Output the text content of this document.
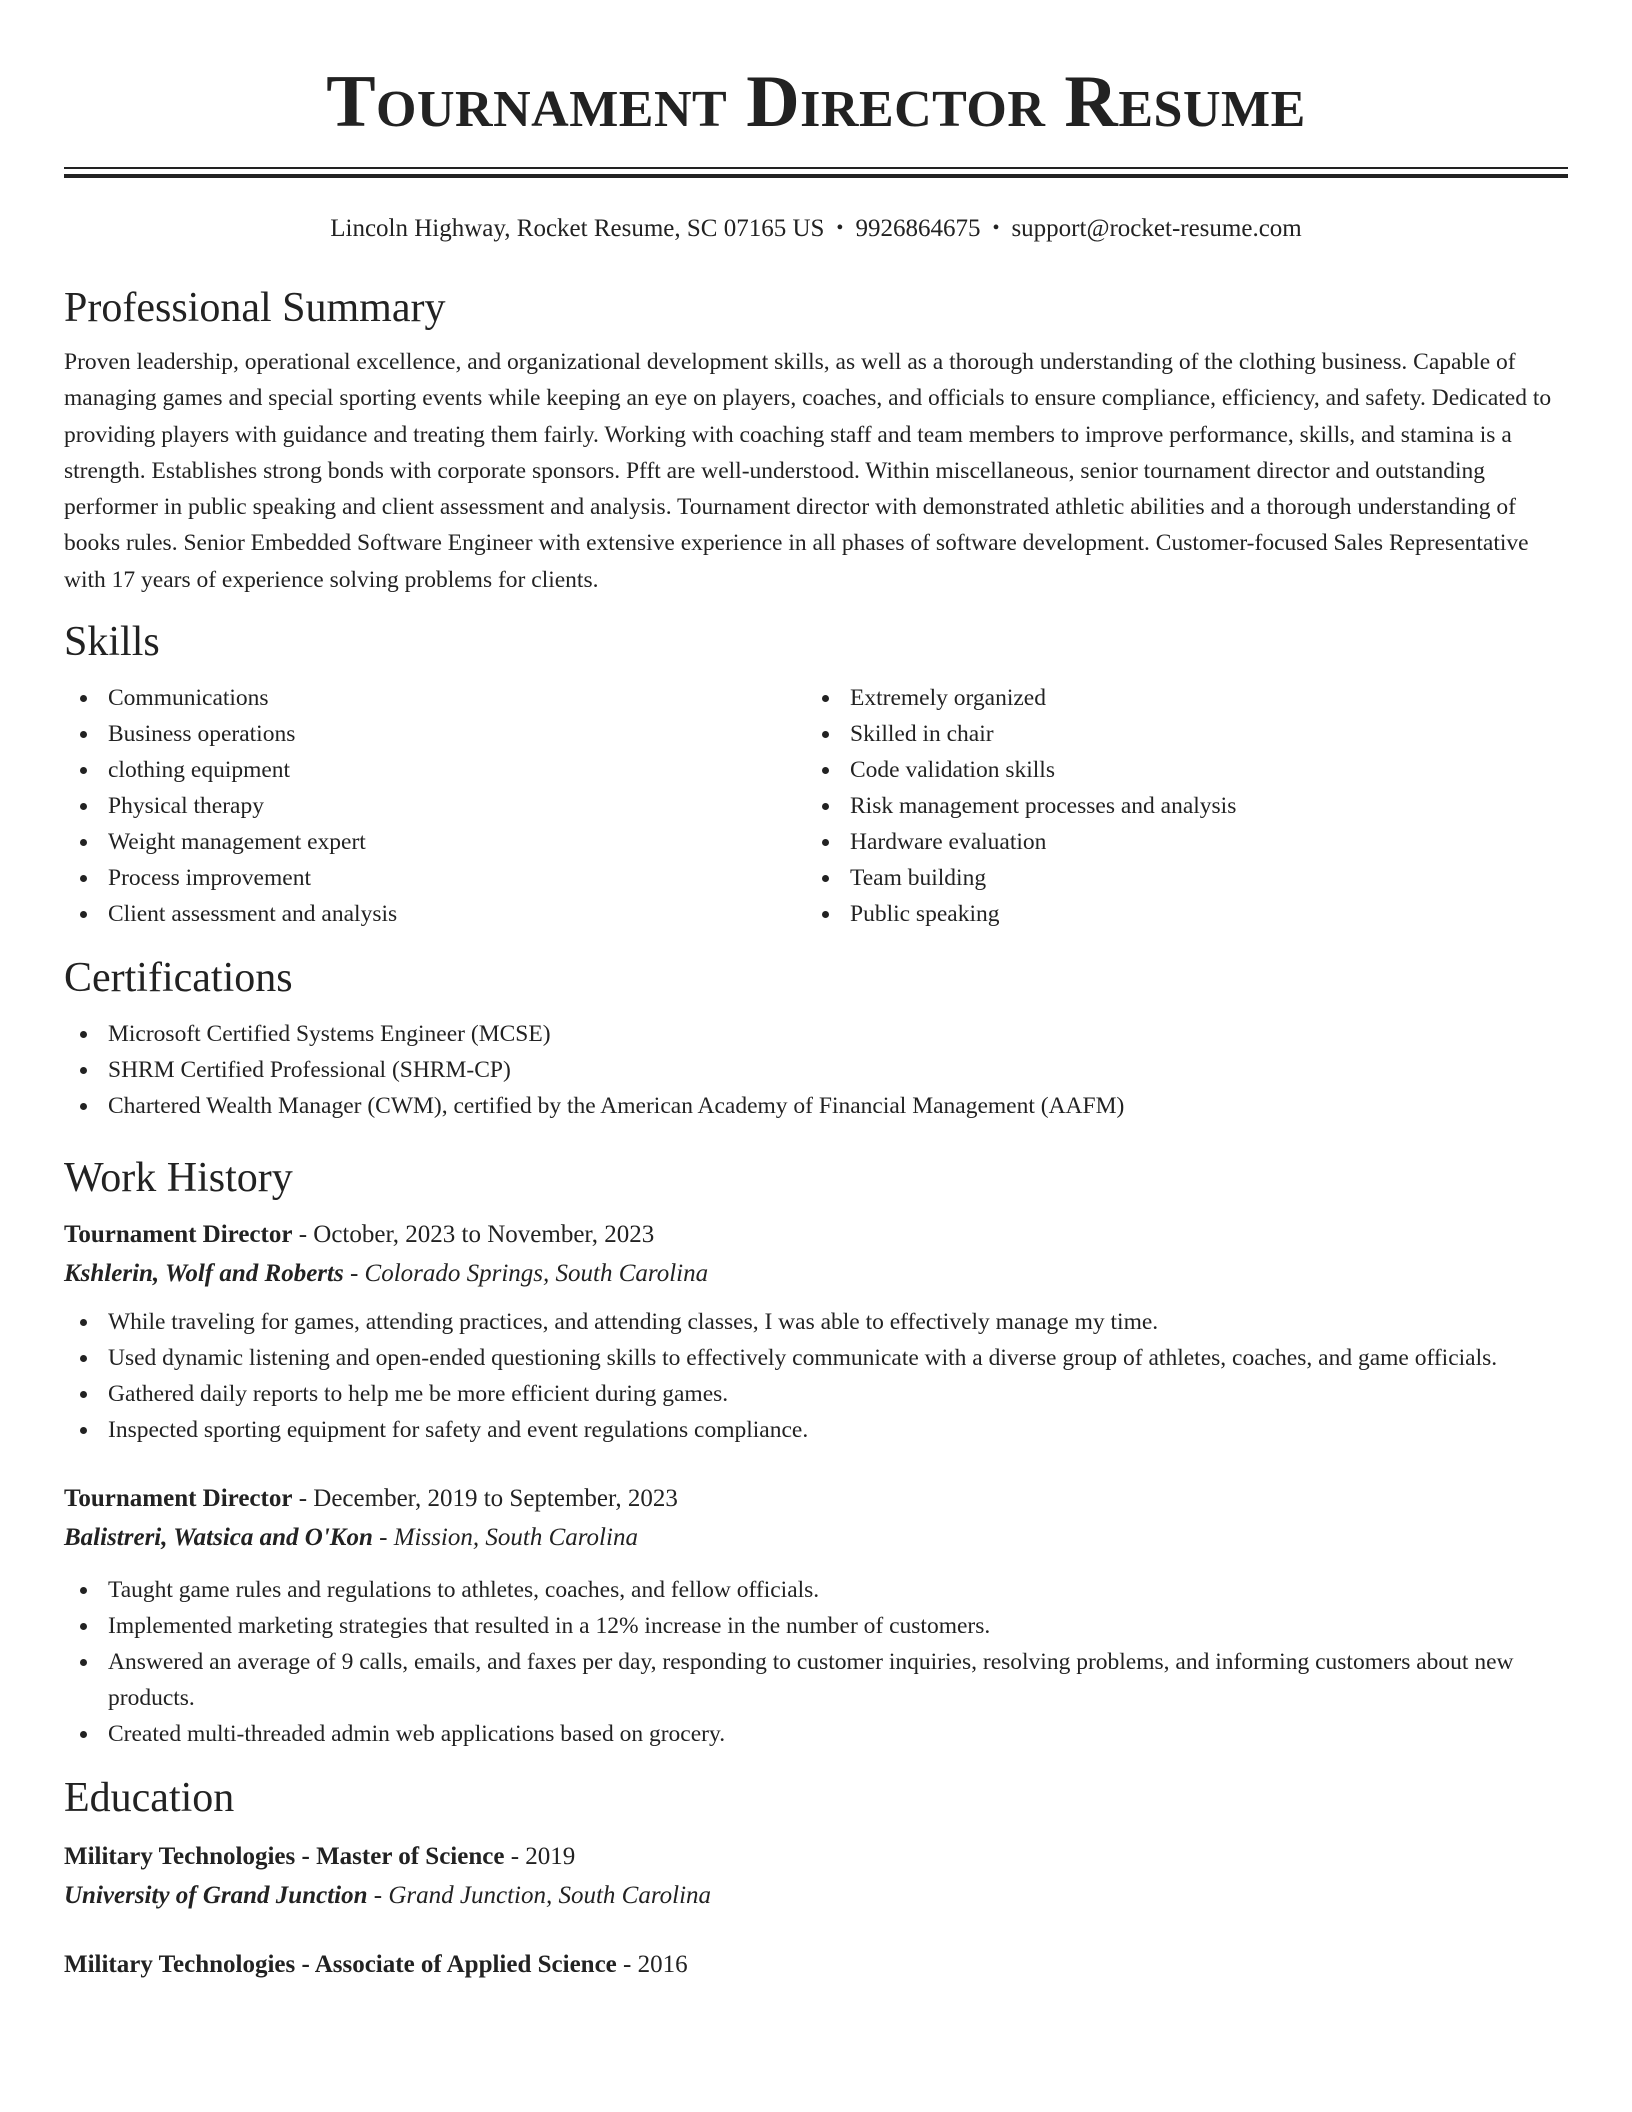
Tournament Director Resume
Lincoln Highway, Rocket Resume, SC 07165 US • 9926864675 • support@rocket-resume.com
Professional Summary

Proven leadership, operational excellence, and organizational development skills, as well as a thorough understanding of the clothing business. Capable of managing games and special sporting events while keeping an eye on players, coaches, and officials to ensure compliance, efficiency, and safety. Dedicated to providing players with guidance and treating them fairly. Working with coaching staff and team members to improve performance, skills, and stamina is a strength. Establishes strong bonds with corporate sponsors. Pfft are well-understood. Within miscellaneous, senior tournament director and outstanding performer in public speaking and client assessment and analysis. Tournament director with demonstrated athletic abilities and a thorough understanding of books rules. Senior Embedded Software Engineer with extensive experience in all phases of software development. Customer-focused Sales Representative with 17 years of experience solving problems for clients.

Skills
Communications
Business operations
clothing equipment
Physical therapy
Weight management expert
Process improvement
Client assessment and analysis
Extremely organized
Skilled in chair
Code validation skills
Risk management processes and analysis
Hardware evaluation
Team building
Public speaking
Certifications
Microsoft Certified Systems Engineer (MCSE)
SHRM Certified Professional (SHRM-CP)
Chartered Wealth Manager (CWM), certified by the American Academy of Financial Management (AAFM)
Work History
Tournament Director - October, 2023 to November, 2023
Kshlerin, Wolf and Roberts - Colorado Springs, South Carolina
While traveling for games, attending practices, and attending classes, I was able to effectively manage my time.
Used dynamic listening and open-ended questioning skills to effectively communicate with a diverse group of athletes, coaches, and game officials.
Gathered daily reports to help me be more efficient during games.
Inspected sporting equipment for safety and event regulations compliance.
Tournament Director - December, 2019 to September, 2023
Balistreri, Watsica and O'Kon - Mission, South Carolina
Taught game rules and regulations to athletes, coaches, and fellow officials.
Implemented marketing strategies that resulted in a 12% increase in the number of customers.
Answered an average of 9 calls, emails, and faxes per day, responding to customer inquiries, resolving problems, and informing customers about new products.
Created multi-threaded admin web applications based on grocery.
Education
Military Technologies - Master of Science - 2019
University of Grand Junction - Grand Junction, South Carolina
Military Technologies - Associate of Applied Science - 2016
